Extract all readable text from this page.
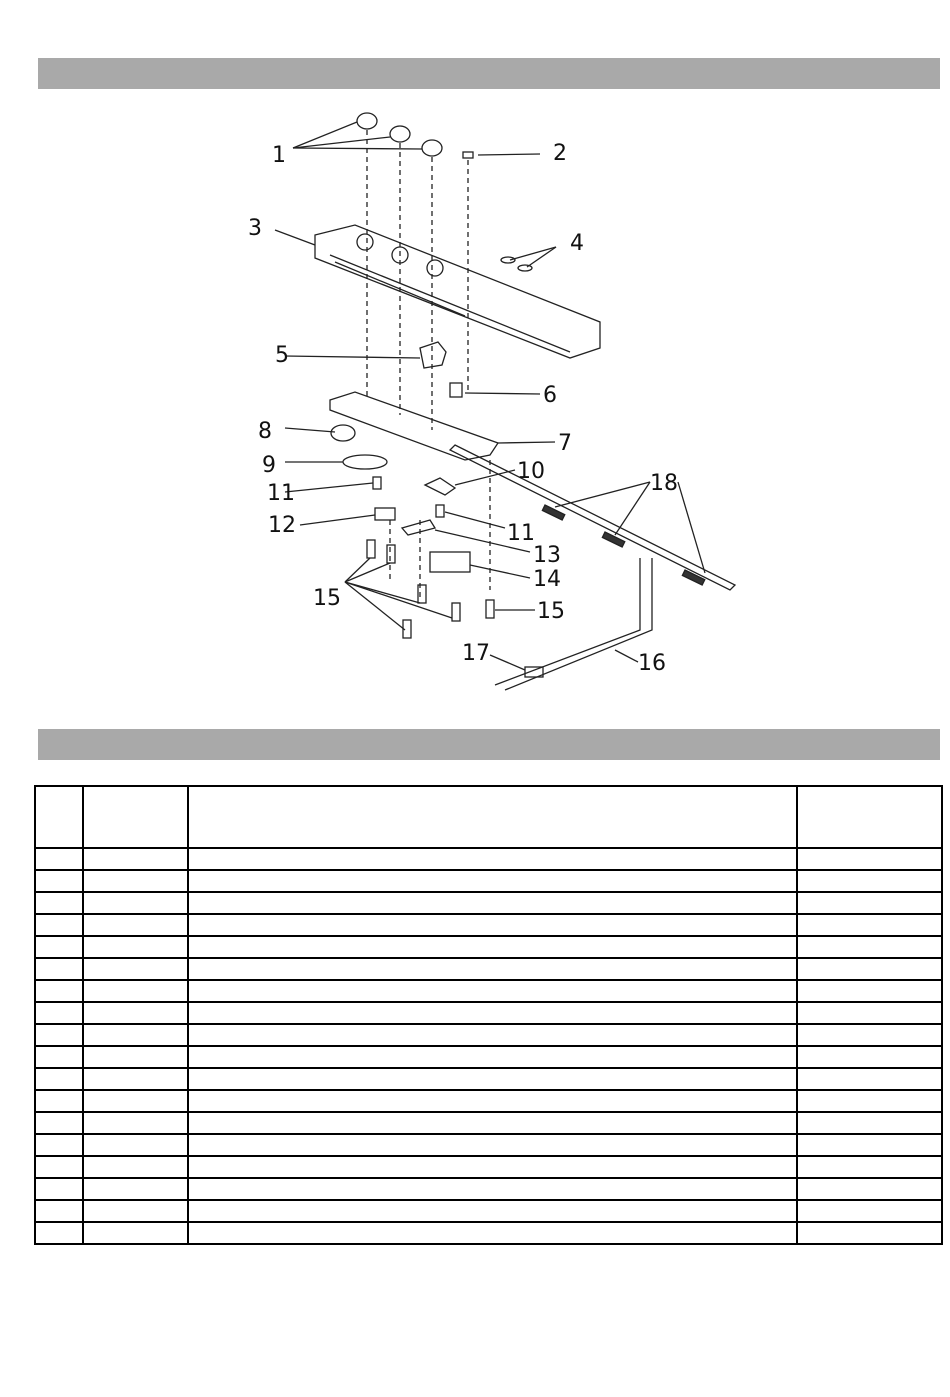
1	2
3
4
5
6
7
8
9	10
11
11
12
13
14
15
15
16
17
18
